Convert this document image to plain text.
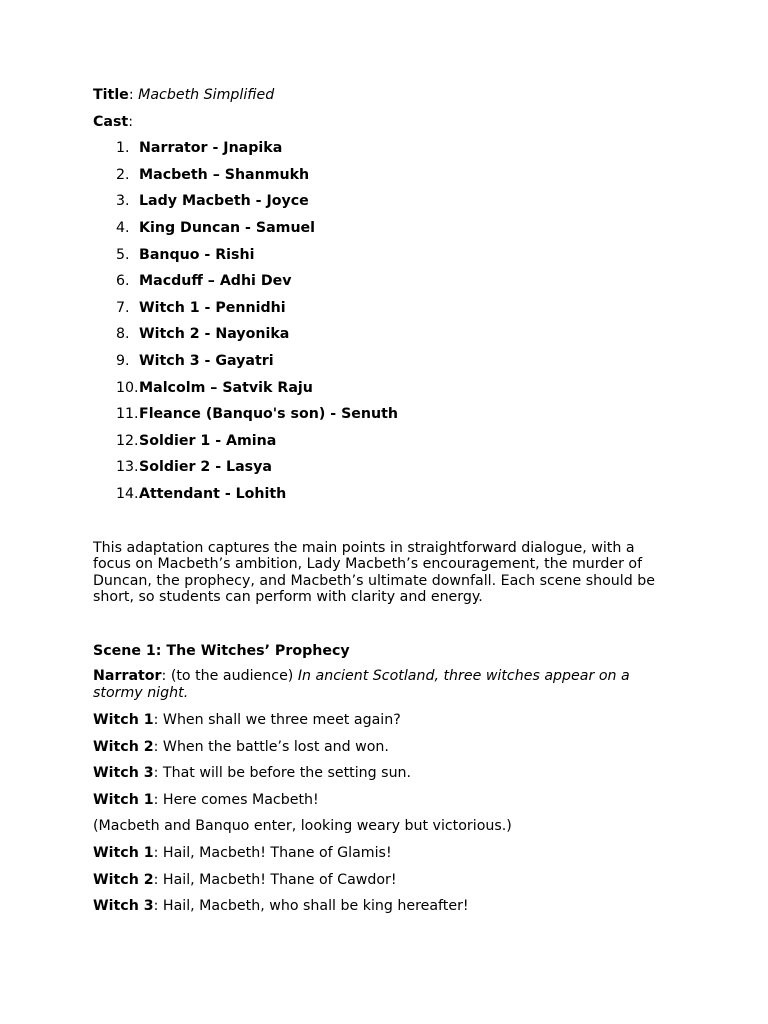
Title: Macbeth Simplified
Cast:
1. Narrator - Jnapika
2. Macbeth – Shanmukh
3. Lady Macbeth - Joyce
4. King Duncan - Samuel
5. Banquo - Rishi
6. Macduff – Adhi Dev
7. Witch 1 - Pennidhi
8. Witch 2 - Nayonika
9. Witch 3 - Gayatri
10. Malcolm – Satvik Raju
11. Fleance (Banquo's son) - Senuth
12. Soldier 1 - Amina
13. Soldier 2 - Lasya
14. Attendant - Lohith

This adaptation captures the main points in straightforward dialogue, with a focus on Macbeth’s ambition, Lady Macbeth’s encouragement, the murder of Duncan, the prophecy, and Macbeth’s ultimate downfall. Each scene should be short, so students can perform with clarity and energy.

Scene 1: The Witches’ Prophecy
Narrator: (to the audience) In ancient Scotland, three witches appear on a stormy night.
Witch 1: When shall we three meet again?
Witch 2: When the battle’s lost and won.
Witch 3: That will be before the setting sun.
Witch 1: Here comes Macbeth!
(Macbeth and Banquo enter, looking weary but victorious.)
Witch 1: Hail, Macbeth! Thane of Glamis!
Witch 2: Hail, Macbeth! Thane of Cawdor!
Witch 3: Hail, Macbeth, who shall be king hereafter!
